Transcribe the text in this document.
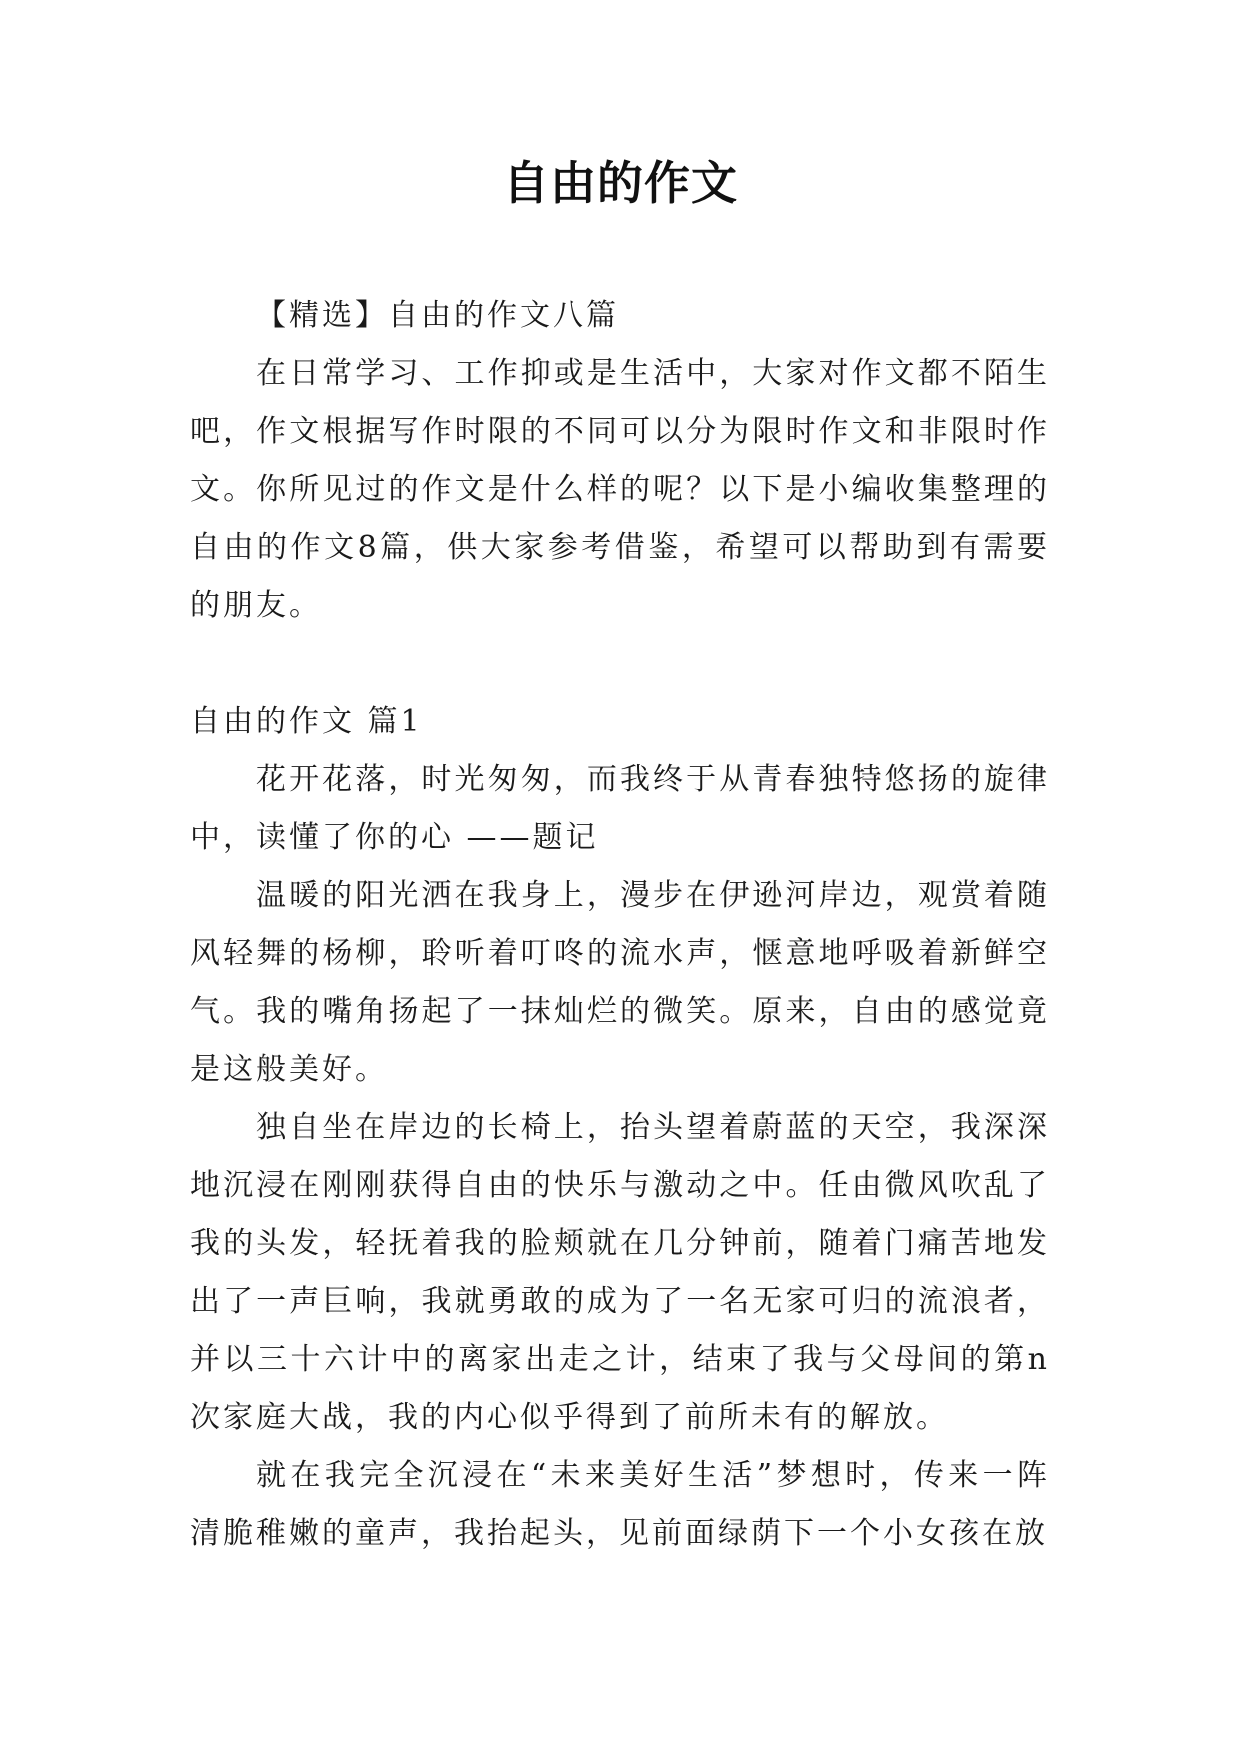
自由的作文

【精选】自由的作文八篇

在日常学习、工作抑或是生活中，大家对作文都不陌生吧，作文根据写作时限的不同可以分为限时作文和非限时作文。你所见过的作文是什么样的呢？以下是小编收集整理的自由的作文8篇，供大家参考借鉴，希望可以帮助到有需要的朋友。

自由的作文 篇1

花开花落，时光匆匆，而我终于从青春独特悠扬的旋律中，读懂了你的心 ——题记

温暖的阳光洒在我身上，漫步在伊逊河岸边，观赏着随风轻舞的杨柳，聆听着叮咚的流水声，惬意地呼吸着新鲜空气。我的嘴角扬起了一抹灿烂的微笑。原来，自由的感觉竟是这般美好。

独自坐在岸边的长椅上，抬头望着蔚蓝的天空，我深深地沉浸在刚刚获得自由的快乐与激动之中。任由微风吹乱了我的头发，轻抚着我的脸颊就在几分钟前，随着门痛苦地发出了一声巨响，我就勇敢的成为了一名无家可归的流浪者，并以三十六计中的离家出走之计，结束了我与父母间的第n次家庭大战，我的内心似乎得到了前所未有的解放。

就在我完全沉浸在“未来美好生活”梦想时，传来一阵清脆稚嫩的童声，我抬起头，见前面绿荫下一个小女孩在放
